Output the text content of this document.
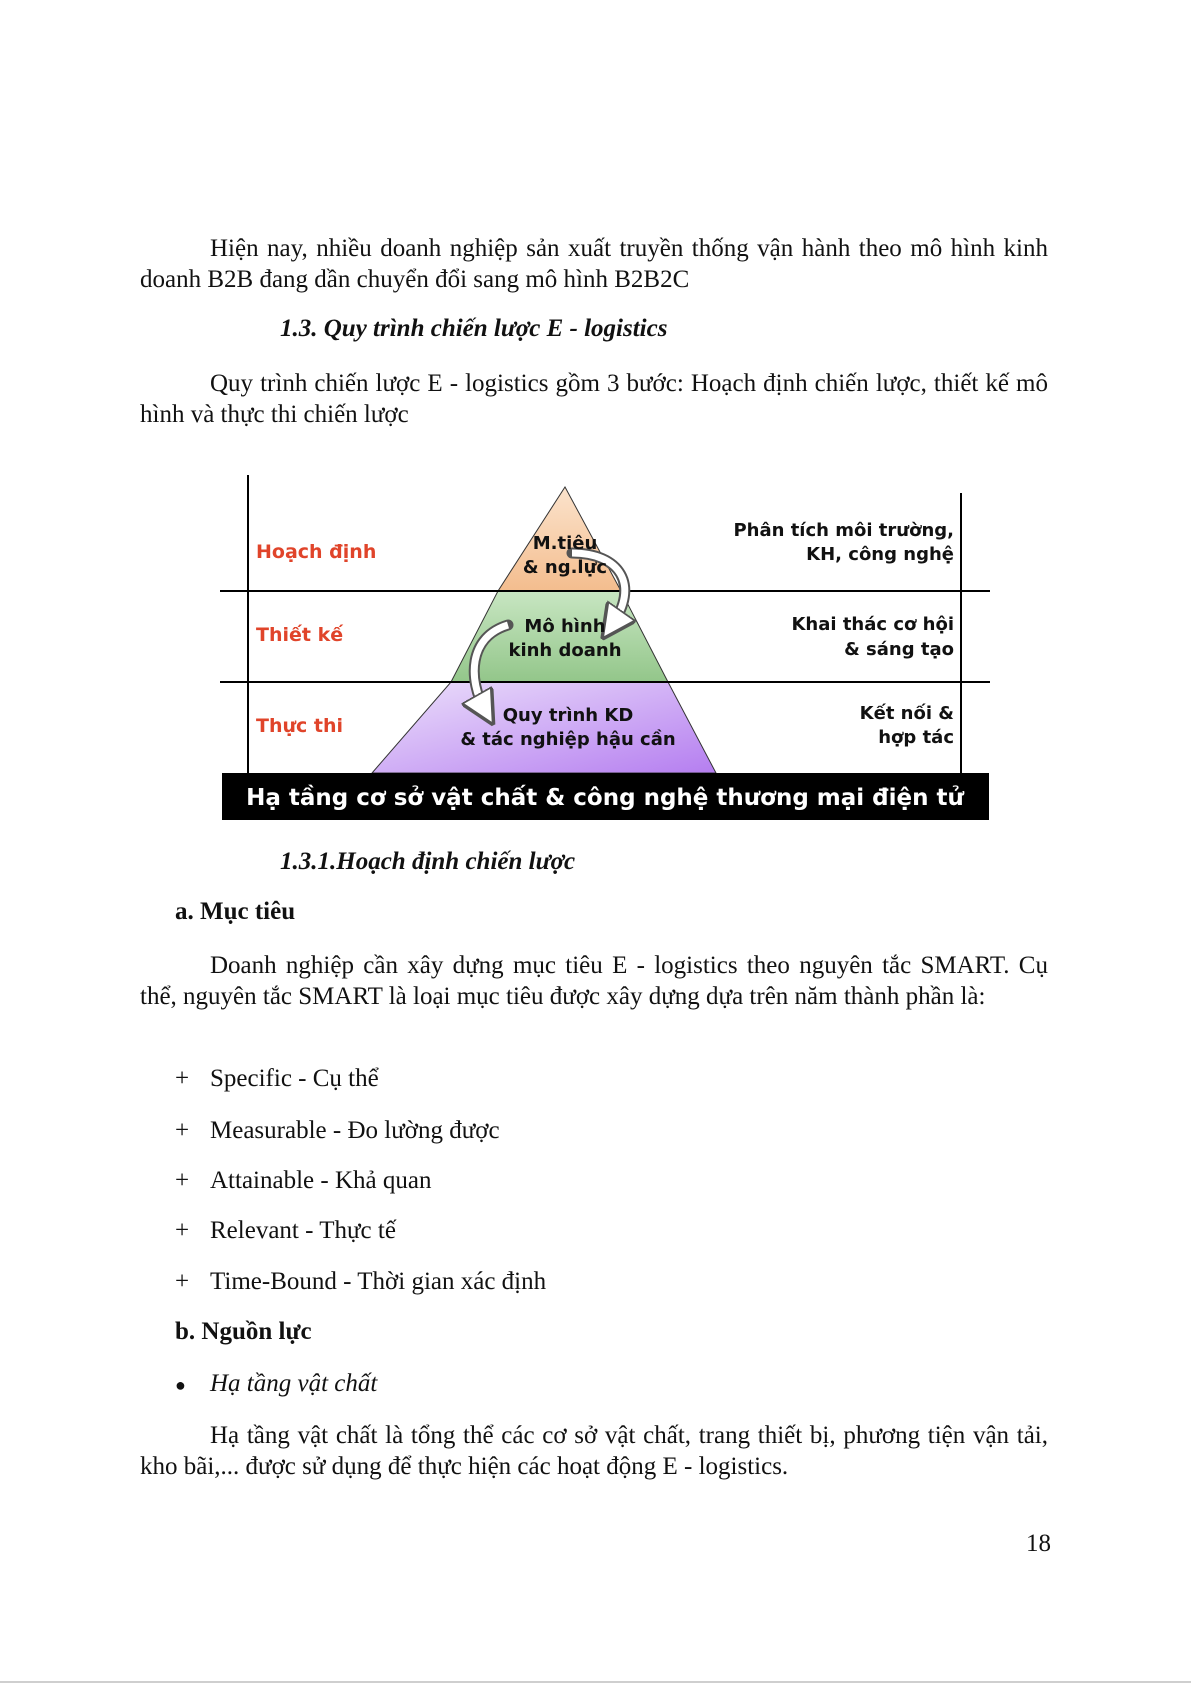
Hiện nay, nhiều doanh nghiệp sản xuất truyền thống vận hành theo mô hình kinh doanh B2B đang dần chuyển đổi sang mô hình B2B2C

1.3. Quy trình chiến lược E - logistics

Quy trình chiến lược E - logistics gồm 3 bước: Hoạch định chiến lược, thiết kế mô hình và thực thi chiến lược

Hoạch định
Thiết kế
Thực thi
M.tiêu
& ng.lực
Mô hình
kinh doanh
Quy trình KD
& tác nghiệp hậu cần
Phân tích môi trường,
KH, công nghệ
Khai thác cơ hội
& sáng tạo
Kết nối &
hợp tác
Hạ tầng cơ sở vật chất & công nghệ thương mại điện tử

1.3.1.Hoạch định chiến lược

a. Mục tiêu

Doanh nghiệp cần xây dựng mục tiêu E - logistics theo nguyên tắc SMART. Cụ thể, nguyên tắc SMART là loại mục tiêu được xây dựng dựa trên năm thành phần là:

+ Specific - Cụ thể
+ Measurable - Đo lường được
+ Attainable - Khả quan
+ Relevant - Thực tế
+ Time-Bound - Thời gian xác định

b. Nguồn lực

● Hạ tầng vật chất

Hạ tầng vật chất là tổng thể các cơ sở vật chất, trang thiết bị, phương tiện vận tải, kho bãi,... được sử dụng để thực hiện các hoạt động E - logistics.

18
